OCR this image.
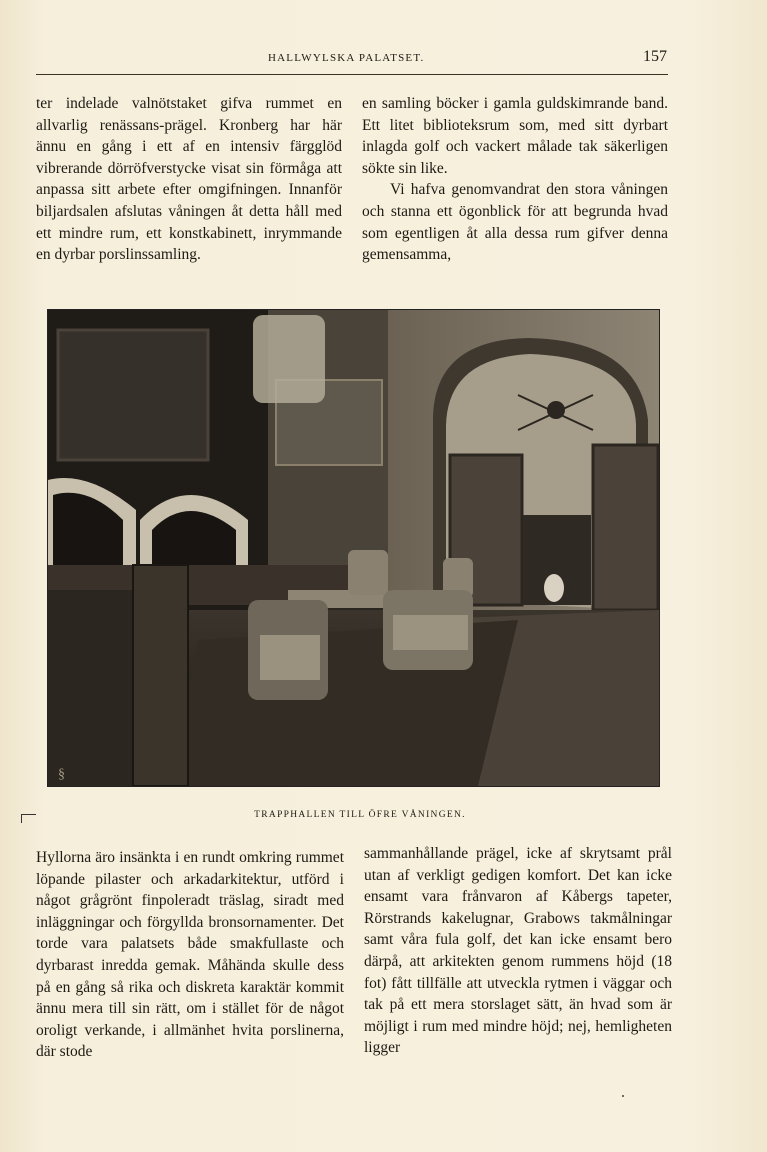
HALLWYLSKA PALATSET.	157

ter indelade valnötstaket gifva rummet en allvarlig renässans-prägel. Kronberg har här ännu en gång i ett af en intensiv färgglöd vibrerande dörröfverstycke visat sin förmåga att anpassa sitt arbete efter omgifningen. Innanför biljardsalen afslutas våningen åt detta håll med ett mindre rum, ett konstkabinett, inrymmande en dyrbar porslinssamling.

en samling böcker i gamla guldskimrande band. Ett litet biblioteksrum som, med sitt dyrbart inlagda golf och vackert målade tak säkerligen sökte sin like.

Vi hafva genomvandrat den stora våningen och stanna ett ögonblick för att begrunda hvad som egentligen åt alla dessa rum gifver denna gemensamma,

§
TRAPPHALLEN TILL ÖFRE VÅNINGEN.

Hyllorna äro insänkta i en rundt omkring rummet löpande pilaster och arkadarkitektur, utförd i något grågrönt finpoleradt träslag, siradt med inläggningar och förgyllda bronsornamenter. Det torde vara palatsets både smakfullaste och dyrbarast inredda gemak. Måhända skulle dess på en gång så rika och diskreta karaktär kommit ännu mera till sin rätt, om i stället för de något oroligt verkande, i allmänhet hvita porslinerna, där stode

sammanhållande prägel, icke af skrytsamt prål utan af verkligt gedigen komfort. Det kan icke ensamt vara frånvaron af Kåbergs tapeter, Rörstrands kakelugnar, Grabows takmålningar samt våra fula golf, det kan icke ensamt bero därpå, att arkitekten genom rummens höjd (18 fot) fått tillfälle att utveckla rytmen i väggar och tak på ett mera storslaget sätt, än hvad som är möjligt i rum med mindre höjd; nej, hemligheten ligger
